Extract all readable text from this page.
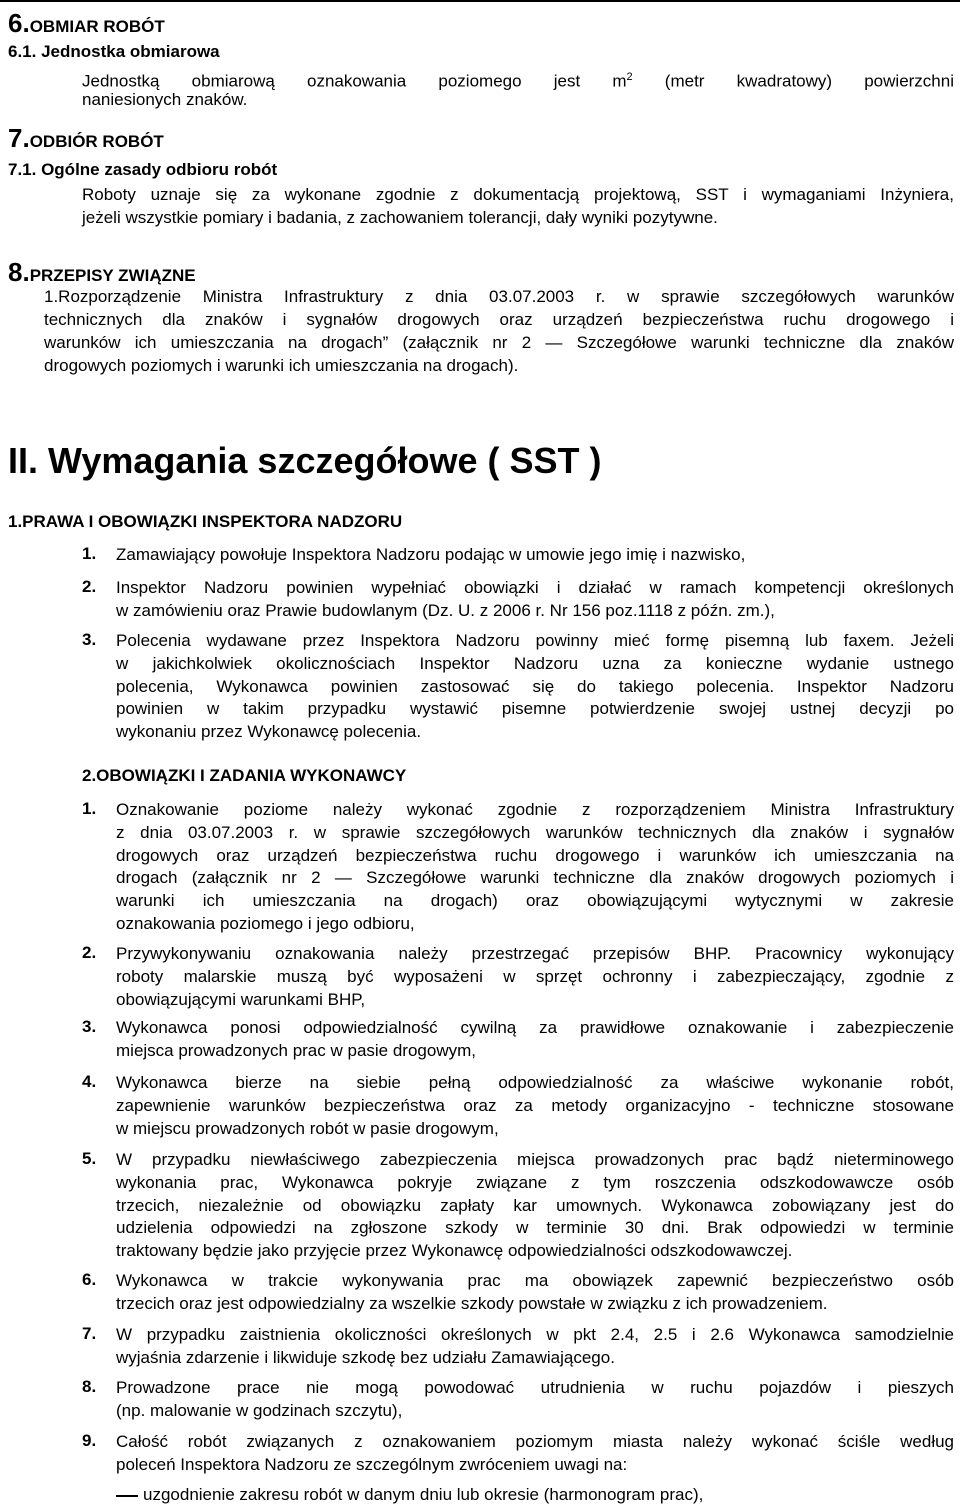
6.OBMIAR ROBÓT
6.1. Jednostka obmiarowa
Jednostką obmiarową oznakowania poziomego jest $m^2$ (metr kwadratowy) powierzchni
naniesionych znaków.
7.ODBIÓR ROBÓT
7.1. Ogólne zasady odbioru robót
Roboty uznaje się za wykonane zgodnie z dokumentacją projektową, SST i wymaganiami Inżyniera,
jeżeli wszystkie pomiary i badania, z zachowaniem tolerancji, dały wyniki pozytywne.
8.PRZEPISY ZWIĄZNE
1.Rozporządzenie Ministra Infrastruktury z dnia 03.07.2003 r. w sprawie szczegółowych warunków
technicznych dla znaków i sygnałów drogowych oraz urządzeń bezpieczeństwa ruchu drogowego i
warunków ich umieszczania na drogach” (załącznik nr 2 ― Szczegółowe warunki techniczne dla znaków
drogowych poziomych i warunki ich umieszczania na drogach).
II. Wymagania szczegółowe ( SST )
1.PRAWA I OBOWIĄZKI INSPEKTORA NADZORU
1. Zamawiający powołuje Inspektora Nadzoru podając w umowie jego imię i nazwisko,
2. Inspektor Nadzoru powinien wypełniać obowiązki i działać w ramach kompetencji określonych
w zamówieniu oraz Prawie budowlanym (Dz. U. z 2006 r. Nr 156 poz.1118 z późn. zm.),
3. Polecenia wydawane przez Inspektora Nadzoru powinny mieć formę pisemną lub faxem. Jeżeli
w jakichkolwiek okolicznościach Inspektor Nadzoru uzna za konieczne wydanie ustnego
polecenia, Wykonawca powinien zastosować się do takiego polecenia. Inspektor Nadzoru
powinien w takim przypadku wystawić pisemne potwierdzenie swojej ustnej decyzji po
wykonaniu przez Wykonawcę polecenia.
2.OBOWIĄZKI I ZADANIA WYKONAWCY
1. Oznakowanie poziome należy wykonać zgodnie z rozporządzeniem Ministra Infrastruktury
z dnia 03.07.2003 r. w sprawie szczegółowych warunków technicznych dla znaków i sygnałów
drogowych oraz urządzeń bezpieczeństwa ruchu drogowego i warunków ich umieszczania na
drogach (załącznik nr 2 ― Szczegółowe warunki techniczne dla znaków drogowych poziomych i
warunki ich umieszczania na drogach) oraz obowiązującymi wytycznymi w zakresie
oznakowania poziomego i jego odbioru,
2. Przywykonywaniu oznakowania należy przestrzegać przepisów BHP. Pracownicy wykonujący
roboty malarskie muszą być wyposażeni w sprzęt ochronny i zabezpieczający, zgodnie z
obowiązującymi warunkami BHP,
3. Wykonawca ponosi odpowiedzialność cywilną za prawidłowe oznakowanie i zabezpieczenie
miejsca prowadzonych prac w pasie drogowym,
4. Wykonawca bierze na siebie pełną odpowiedzialność za właściwe wykonanie robót,
zapewnienie warunków bezpieczeństwa oraz za metody organizacyjno - techniczne stosowane
w miejscu prowadzonych robót w pasie drogowym,
5. W przypadku niewłaściwego zabezpieczenia miejsca prowadzonych prac bądź nieterminowego
wykonania prac, Wykonawca pokryje związane z tym roszczenia odszkodowawcze osób
trzecich, niezależnie od obowiązku zapłaty kar umownych. Wykonawca zobowiązany jest do
udzielenia odpowiedzi na zgłoszone szkody w terminie 30 dni. Brak odpowiedzi w terminie
traktowany będzie jako przyjęcie przez Wykonawcę odpowiedzialności odszkodowawczej.
6. Wykonawca w trakcie wykonywania prac ma obowiązek zapewnić bezpieczeństwo osób
trzecich oraz jest odpowiedzialny za wszelkie szkody powstałe w związku z ich prowadzeniem.
7. W przypadku zaistnienia okoliczności określonych w pkt 2.4, 2.5 i 2.6 Wykonawca samodzielnie
wyjaśnia zdarzenie i likwiduje szkodę bez udziału Zamawiającego.
8. Prowadzone prace nie mogą powodować utrudnienia w ruchu pojazdów i pieszych
(np. malowanie w godzinach szczytu),
9. Całość robót związanych z oznakowaniem poziomym miasta należy wykonać ściśle według
poleceń Inspektora Nadzoru ze szczególnym zwróceniem uwagi na:
uzgodnienie zakresu robót w danym dniu lub okresie (harmonogram prac),
